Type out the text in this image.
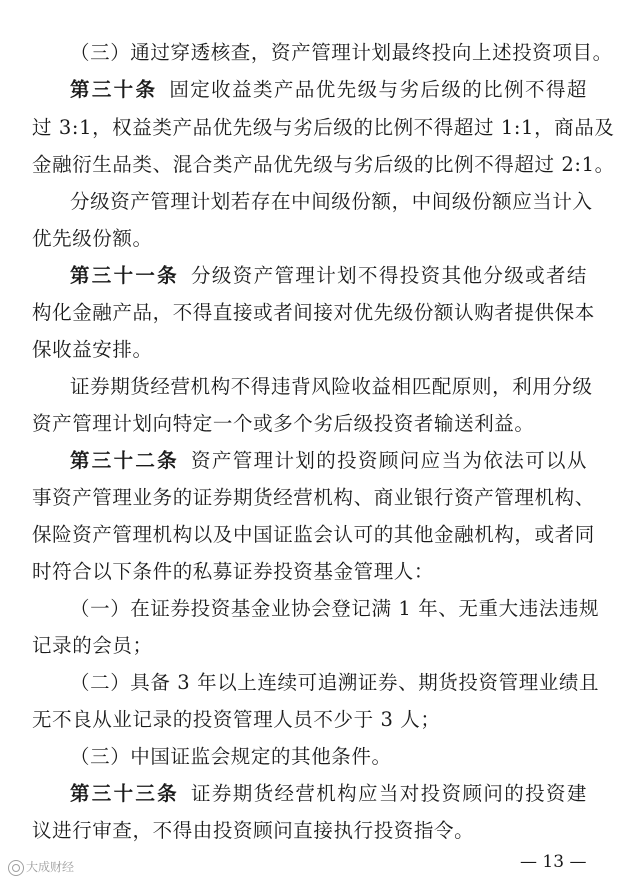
（三）通过穿透核查，资产管理计划最终投向上述投资项目。
第三十条 固定收益类产品优先级与劣后级的比例不得超
过 3:1，权益类产品优先级与劣后级的比例不得超过 1:1，商品及
金融衍生品类、混合类产品优先级与劣后级的比例不得超过 2:1。
分级资产管理计划若存在中间级份额，中间级份额应当计入
优先级份额。
第三十一条 分级资产管理计划不得投资其他分级或者结
构化金融产品，不得直接或者间接对优先级份额认购者提供保本
保收益安排。
证券期货经营机构不得违背风险收益相匹配原则，利用分级
资产管理计划向特定一个或多个劣后级投资者输送利益。
第三十二条 资产管理计划的投资顾问应当为依法可以从
事资产管理业务的证券期货经营机构、商业银行资产管理机构、
保险资产管理机构以及中国证监会认可的其他金融机构，或者同
时符合以下条件的私募证券投资基金管理人：
（一）在证券投资基金业协会登记满 1 年、无重大违法违规
记录的会员；
（二）具备 3 年以上连续可追溯证券、期货投资管理业绩且
无不良从业记录的投资管理人员不少于 3 人；
（三）中国证监会规定的其他条件。
第三十三条 证券期货经营机构应当对投资顾问的投资建
议进行审查，不得由投资顾问直接执行投资指令。
大成财经	— 13 —
